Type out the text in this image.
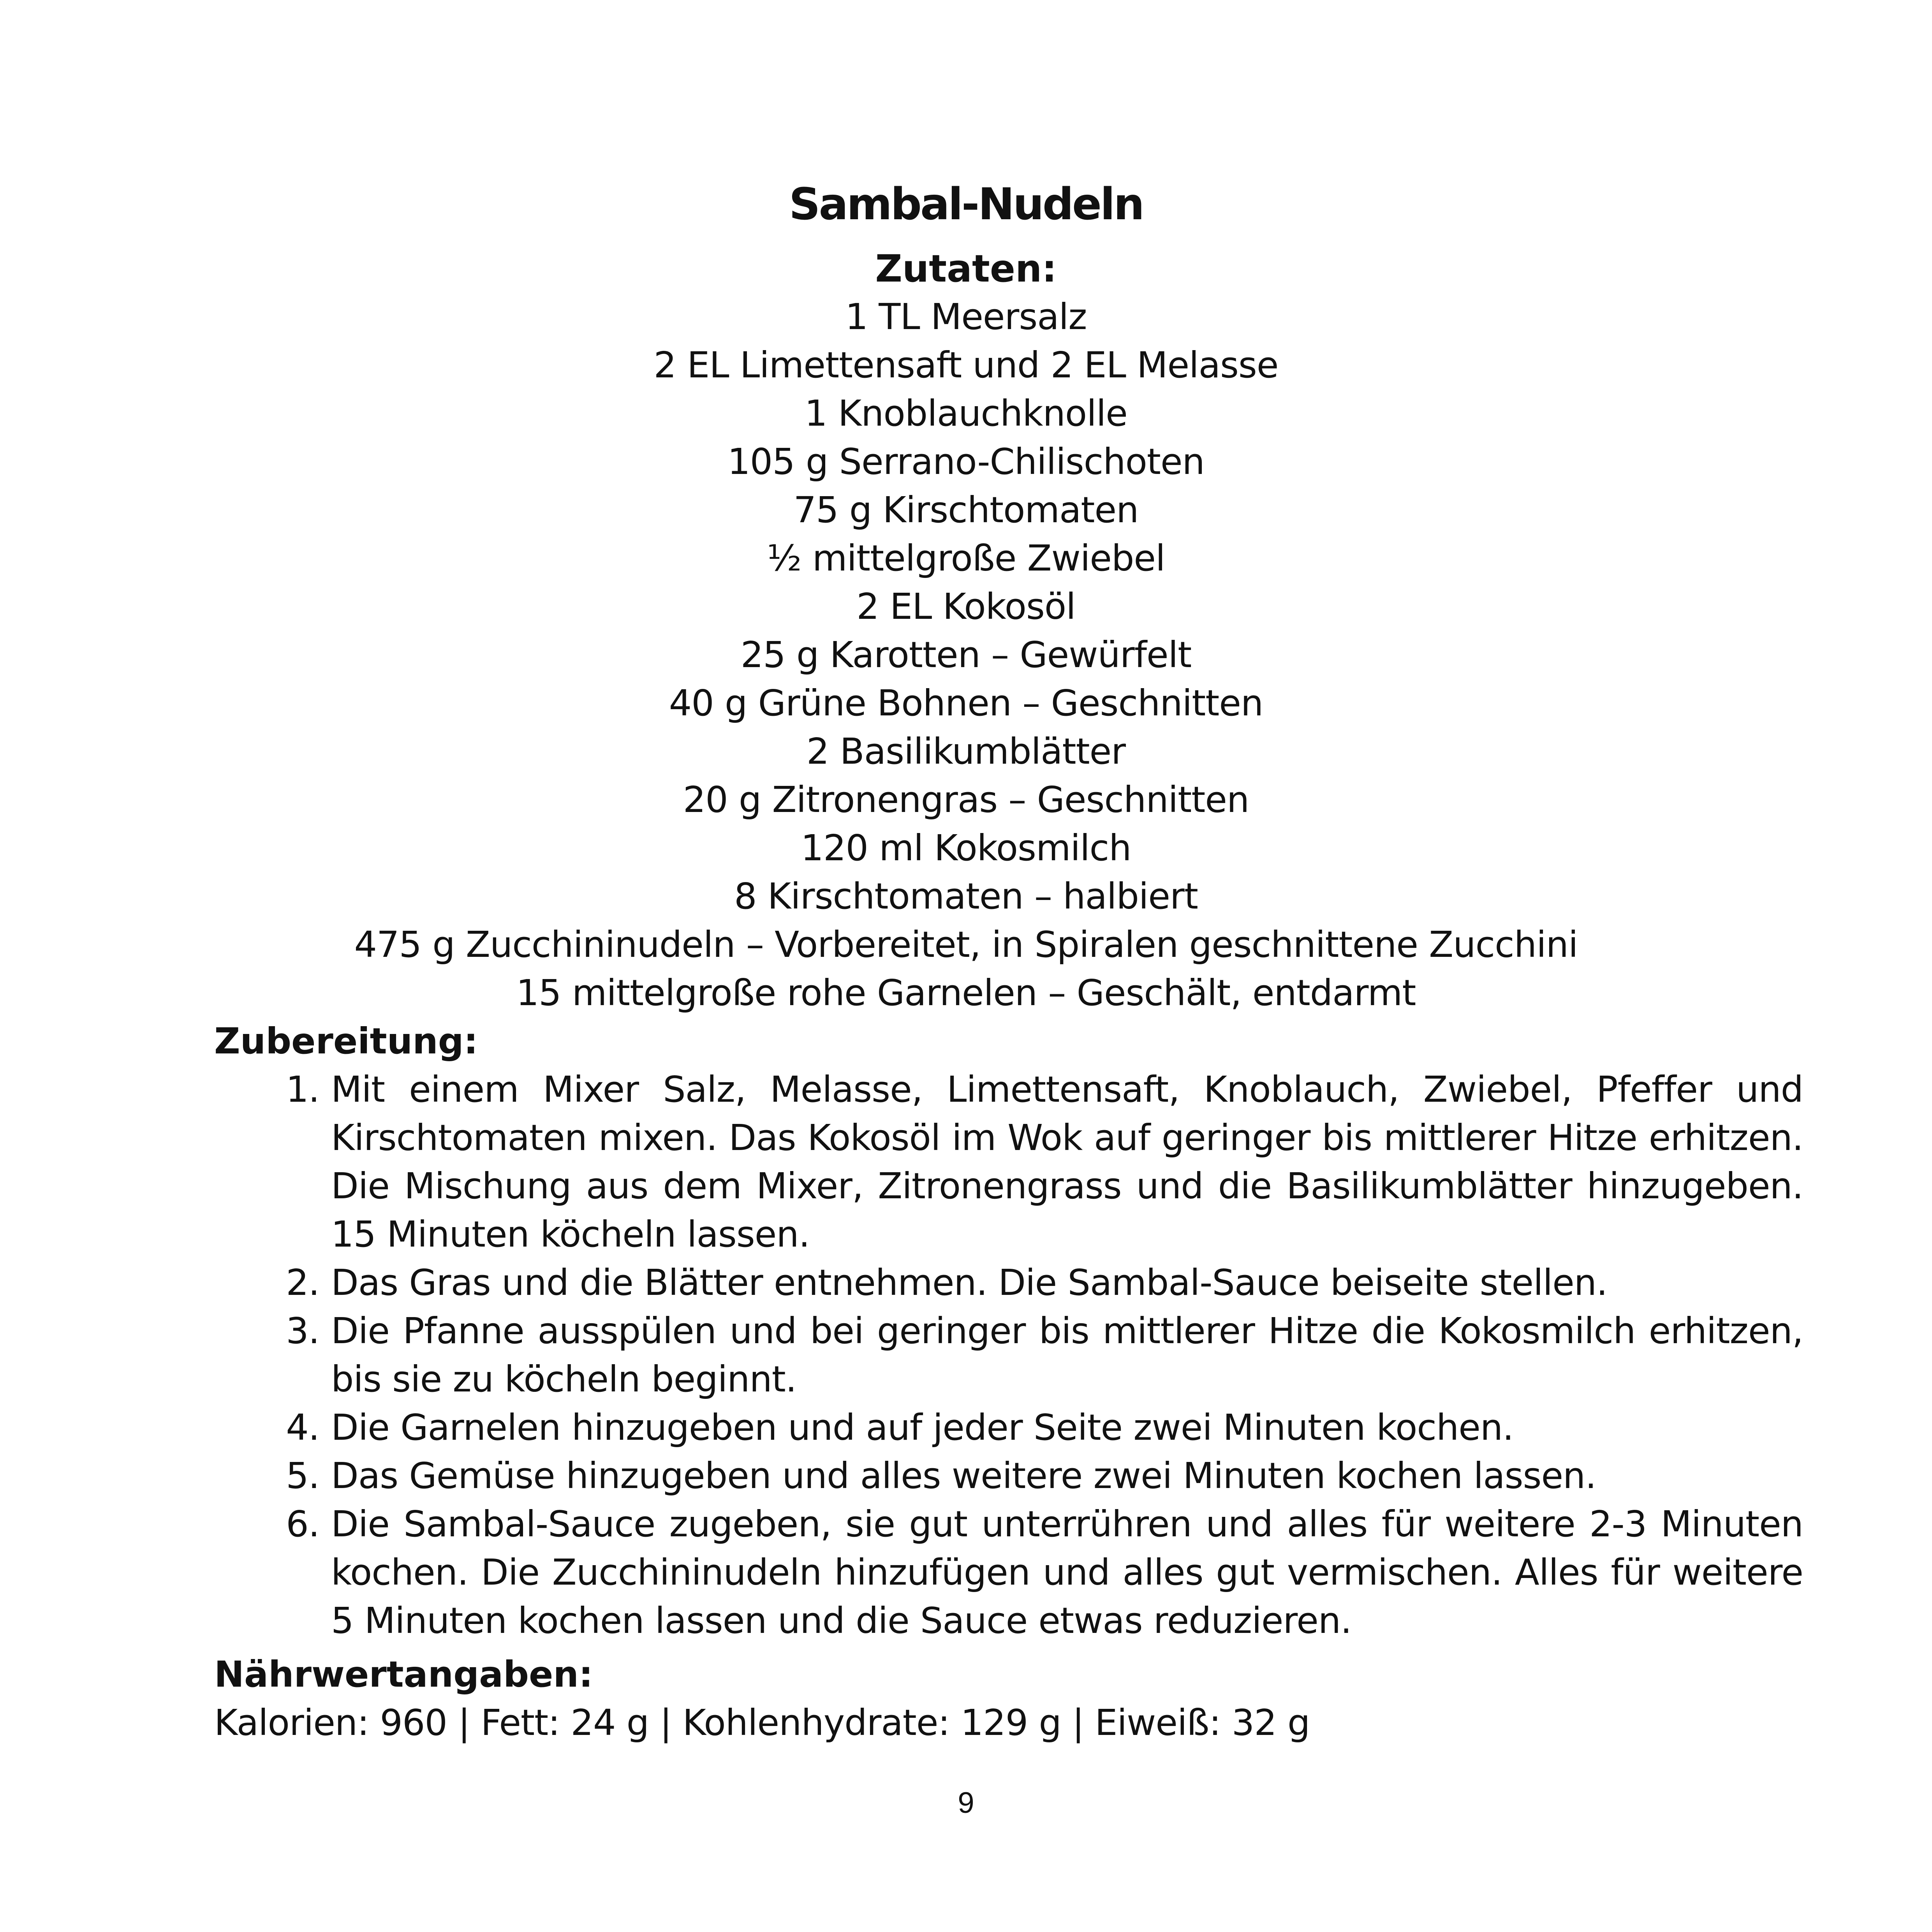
Sambal-Nudeln

Zutaten:

1 TL Meersalz
2 EL Limettensaft und 2 EL Melasse
1 Knoblauchknolle
105 g Serrano-Chilischoten
75 g Kirschtomaten
½ mittelgroße Zwiebel
2 EL Kokosöl
25 g Karotten – Gewürfelt
40 g Grüne Bohnen – Geschnitten
2 Basilikumblätter
20 g Zitronengras – Geschnitten
120 ml Kokosmilch
8 Kirschtomaten – halbiert
475 g Zucchininudeln – Vorbereitet, in Spiralen geschnittene Zucchini
15 mittelgroße rohe Garnelen – Geschält, entdarmt

Zubereitung:

1. Mit einem Mixer Salz, Melasse, Limettensaft, Knoblauch, Zwiebel, Pfeffer und Kirschtomaten mixen. Das Kokosöl im Wok auf geringer bis mittlerer Hitze erhitzen. Die Mischung aus dem Mixer, Zitronengrass und die Basilikumblätter hinzugeben. 15 Minuten köcheln lassen.
2. Das Gras und die Blätter entnehmen. Die Sambal-Sauce beiseite stellen.
3. Die Pfanne ausspülen und bei geringer bis mittlerer Hitze die Kokosmilch erhitzen, bis sie zu köcheln beginnt.
4. Die Garnelen hinzugeben und auf jeder Seite zwei Minuten kochen.
5. Das Gemüse hinzugeben und alles weitere zwei Minuten kochen lassen.
6. Die Sambal-Sauce zugeben, sie gut unterrühren und alles für weitere 2-3 Minuten kochen. Die Zucchininudeln hinzufügen und alles gut vermischen. Alles für weitere 5 Minuten kochen lassen und die Sauce etwas reduzieren.

Nährwertangaben:

Kalorien: 960 | Fett: 24 g | Kohlenhydrate: 129 g | Eiweiß: 32 g

9
